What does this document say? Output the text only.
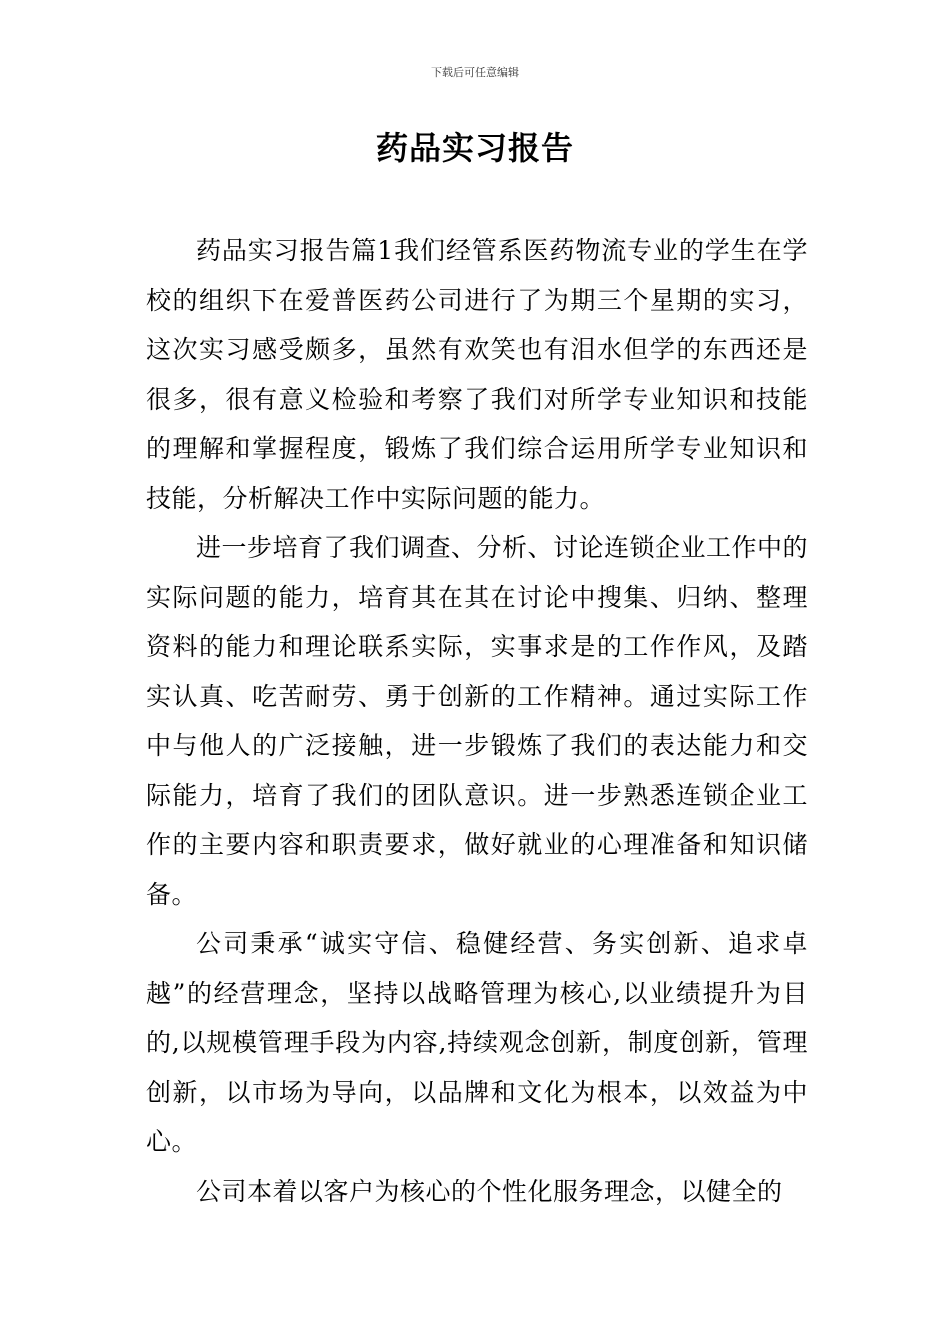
下载后可任意编辑
药品实习报告

药品实习报告篇1我们经管系医药物流专业的学生在学校的组织下在爱普医药公司进行了为期三个星期的实习，这次实习感受颇多，虽然有欢笑也有泪水但学的东西还是很多，很有意义检验和考察了我们对所学专业知识和技能的理解和掌握程度，锻炼了我们综合运用所学专业知识和技能，分析解决工作中实际问题的能力。

进一步培育了我们调查、分析、讨论连锁企业工作中的实际问题的能力，培育其在其在讨论中搜集、归纳、整理资料的能力和理论联系实际，实事求是的工作作风，及踏实认真、吃苦耐劳、勇于创新的工作精神。通过实际工作中与他人的广泛接触，进一步锻炼了我们的表达能力和交际能力，培育了我们的团队意识。进一步熟悉连锁企业工作的主要内容和职责要求，做好就业的心理准备和知识储备。

公司秉承“诚实守信、稳健经营、务实创新、追求卓越”的经营理念，坚持以战略管理为核心,以业绩提升为目的,以规模管理手段为内容,持续观念创新，制度创新，管理创新，以市场为导向，以品牌和文化为根本，以效益为中心。

公司本着以客户为核心的个性化服务理念，以健全的
